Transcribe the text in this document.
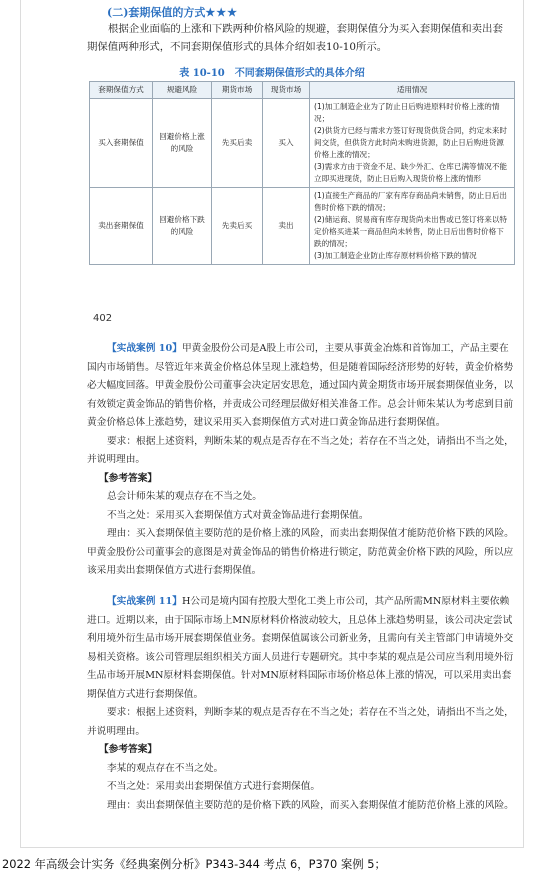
(二)套期保值的方式★★★
根据企业面临的上涨和下跌两种价格风险的规避，套期保值分为买入套期保值和卖出套期保值两种形式，不同套期保值形式的具体介绍如表10-10所示。
表 10-10　不同套期保值形式的具体介绍
套期保值方式	规避风险	期货市场	现货市场	适用情况
买入套期保值	回避价格上涨的风险	先买后卖	买入	(1)加工制造企业为了防止日后购进原料时价格上涨的情况；
(2)供货方已经与需求方签订好现货供货合同，约定未来时间交货，但供货方此时尚未购进货源，防止日后购进货源价格上涨的情况；
(3)需求方由于资金不足、缺少外汇、仓库已满等情况不能立即买进现货，防止日后购入现货价格上涨的情形

卖出套期保值	回避价格下跌的风险	先卖后买	卖出	(1)直接生产商品的厂家有库存商品尚未销售，防止日后出售时价格下跌的情况；
(2)储运商、贸易商有库存现货尚未出售或已签订将来以特定价格买进某一商品但尚未转售，防止日后出售时价格下跌的情况；
(3)加工制造企业防止库存原材料价格下跌的情况
402

【实战案例 10】甲黄金股份公司是A股上市公司，主要从事黄金冶炼和首饰加工，产品主要在国内市场销售。尽管近年来黄金价格总体呈现上涨趋势，但是随着国际经济形势的好转，黄金价格势必大幅度回落。甲黄金股份公司董事会决定居安思危，通过国内黄金期货市场开展套期保值业务，以有效锁定黄金饰品的销售价格，并责成公司经理层做好相关准备工作。总会计师朱某认为考虑到目前黄金价格总体上涨趋势，建议采用买入套期保值方式对进口黄金饰品进行套期保值。

要求：根据上述资料，判断朱某的观点是否存在不当之处；若存在不当之处，请指出不当之处，并说明理由。

【参考答案】

总会计师朱某的观点存在不当之处。

不当之处：采用买入套期保值方式对黄金饰品进行套期保值。

理由：买入套期保值主要防范的是价格上涨的风险，而卖出套期保值才能防范价格下跌的风险。甲黄金股份公司董事会的意图是对黄金饰品的销售价格进行锁定，防范黄金价格下跌的风险，所以应该采用卖出套期保值方式进行套期保值。

【实战案例 11】H公司是境内国有控股大型化工类上市公司，其产品所需MN原材料主要依赖进口。近期以来，由于国际市场上MN原材料价格波动较大，且总体上涨趋势明显，该公司决定尝试利用境外衍生品市场开展套期保值业务。套期保值属该公司新业务，且需向有关主管部门申请境外交易相关资格。该公司管理层组织相关方面人员进行专题研究。其中李某的观点是公司应当利用境外衍生品市场开展MN原材料套期保值。针对MN原材料国际市场价格总体上涨的情况，可以采用卖出套期保值方式进行套期保值。

要求：根据上述资料，判断李某的观点是否存在不当之处；若存在不当之处，请指出不当之处，并说明理由。

【参考答案】

李某的观点存在不当之处。

不当之处：采用卖出套期保值方式进行套期保值。

理由：卖出套期保值主要防范的是价格下跌的风险，而买入套期保值才能防范价格上涨的风险。

2022 年高级会计实务《经典案例分析》P343-344 考点 6，P370 案例 5；
